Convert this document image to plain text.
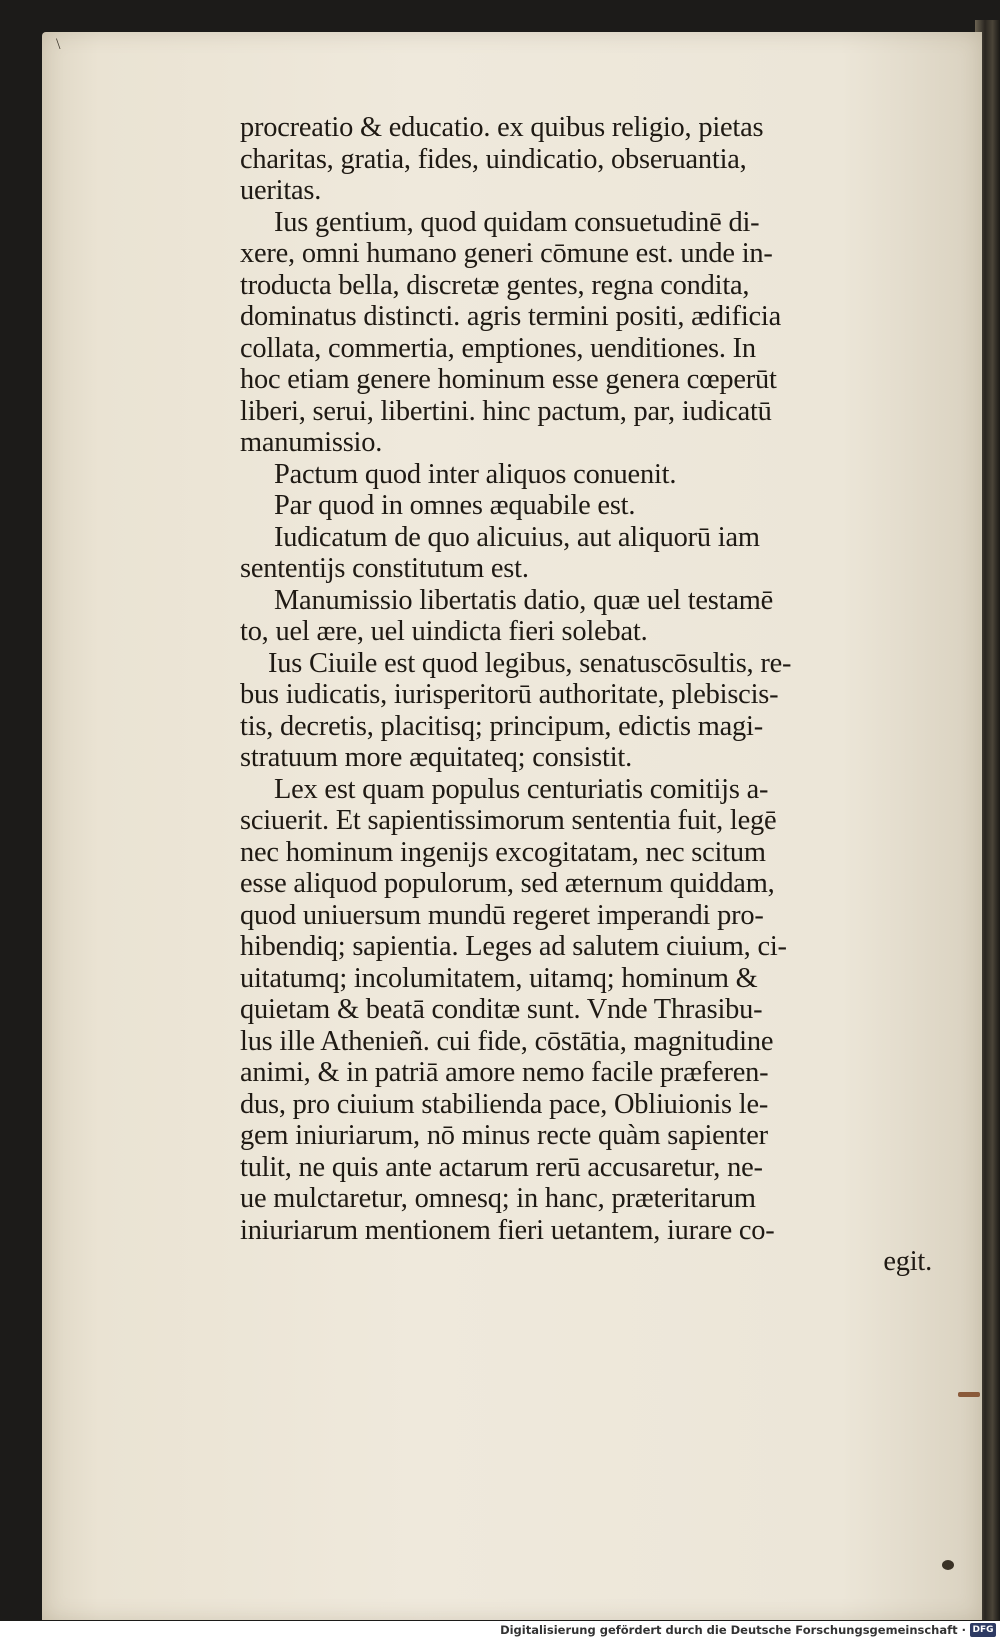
\
procreatio & educatio. ex quibus religio, pietas
charitas, gratia, fides, uindicatio, obseruantia,
ueritas.
Ius gentium, quod quidam consuetudinē di-
xere, omni humano generi cōmune est. unde in-
troducta bella, discretæ gentes, regna condita,
dominatus distincti. agris termini positi, ædificia
collata, commertia, emptiones, uenditiones. In
hoc etiam genere hominum esse genera cœperūt
liberi, serui, libertini. hinc pactum, par, iudicatū
manumissio.
Pactum quod inter aliquos conuenit.
Par quod in omnes æquabile est.
Iudicatum de quo alicuius, aut aliquorū iam
sententijs constitutum est.
Manumissio libertatis datio, quæ uel testamē
to, uel ære, uel uindicta fieri solebat.
Ius Ciuile est quod legibus, senatuscōsultis, re-
bus iudicatis, iurisperitorū authoritate, plebiscis-
tis, decretis, placitisq; principum, edictis magi-
stratuum more æquitateq; consistit.
Lex est quam populus centuriatis comitijs a-
sciuerit. Et sapientissimorum sententia fuit, legē
nec hominum ingenijs excogitatam, nec scitum
esse aliquod populorum, sed æternum quiddam,
quod uniuersum mundū regeret imperandi pro-
hibendiq; sapientia. Leges ad salutem ciuium, ci-
uitatumq; incolumitatem, uitamq; hominum &
quietam & beatā conditæ sunt. Vnde Thrasibu-
lus ille Athenieñ. cui fide, cōstātia, magnitudine
animi, & in patriā amore nemo facile præferen-
dus, pro ciuium stabilienda pace, Obliuionis le-
gem iniuriarum, nō minus recte quàm sapienter
tulit, ne quis ante actarum rerū accusaretur, ne-
ue mulctaretur, omnesq; in hanc, præteritarum
iniuriarum mentionem fieri uetantem, iurare co-
egit.
Digitalisierung gefördert durch die Deutsche Forschungsgemeinschaft · DFG
